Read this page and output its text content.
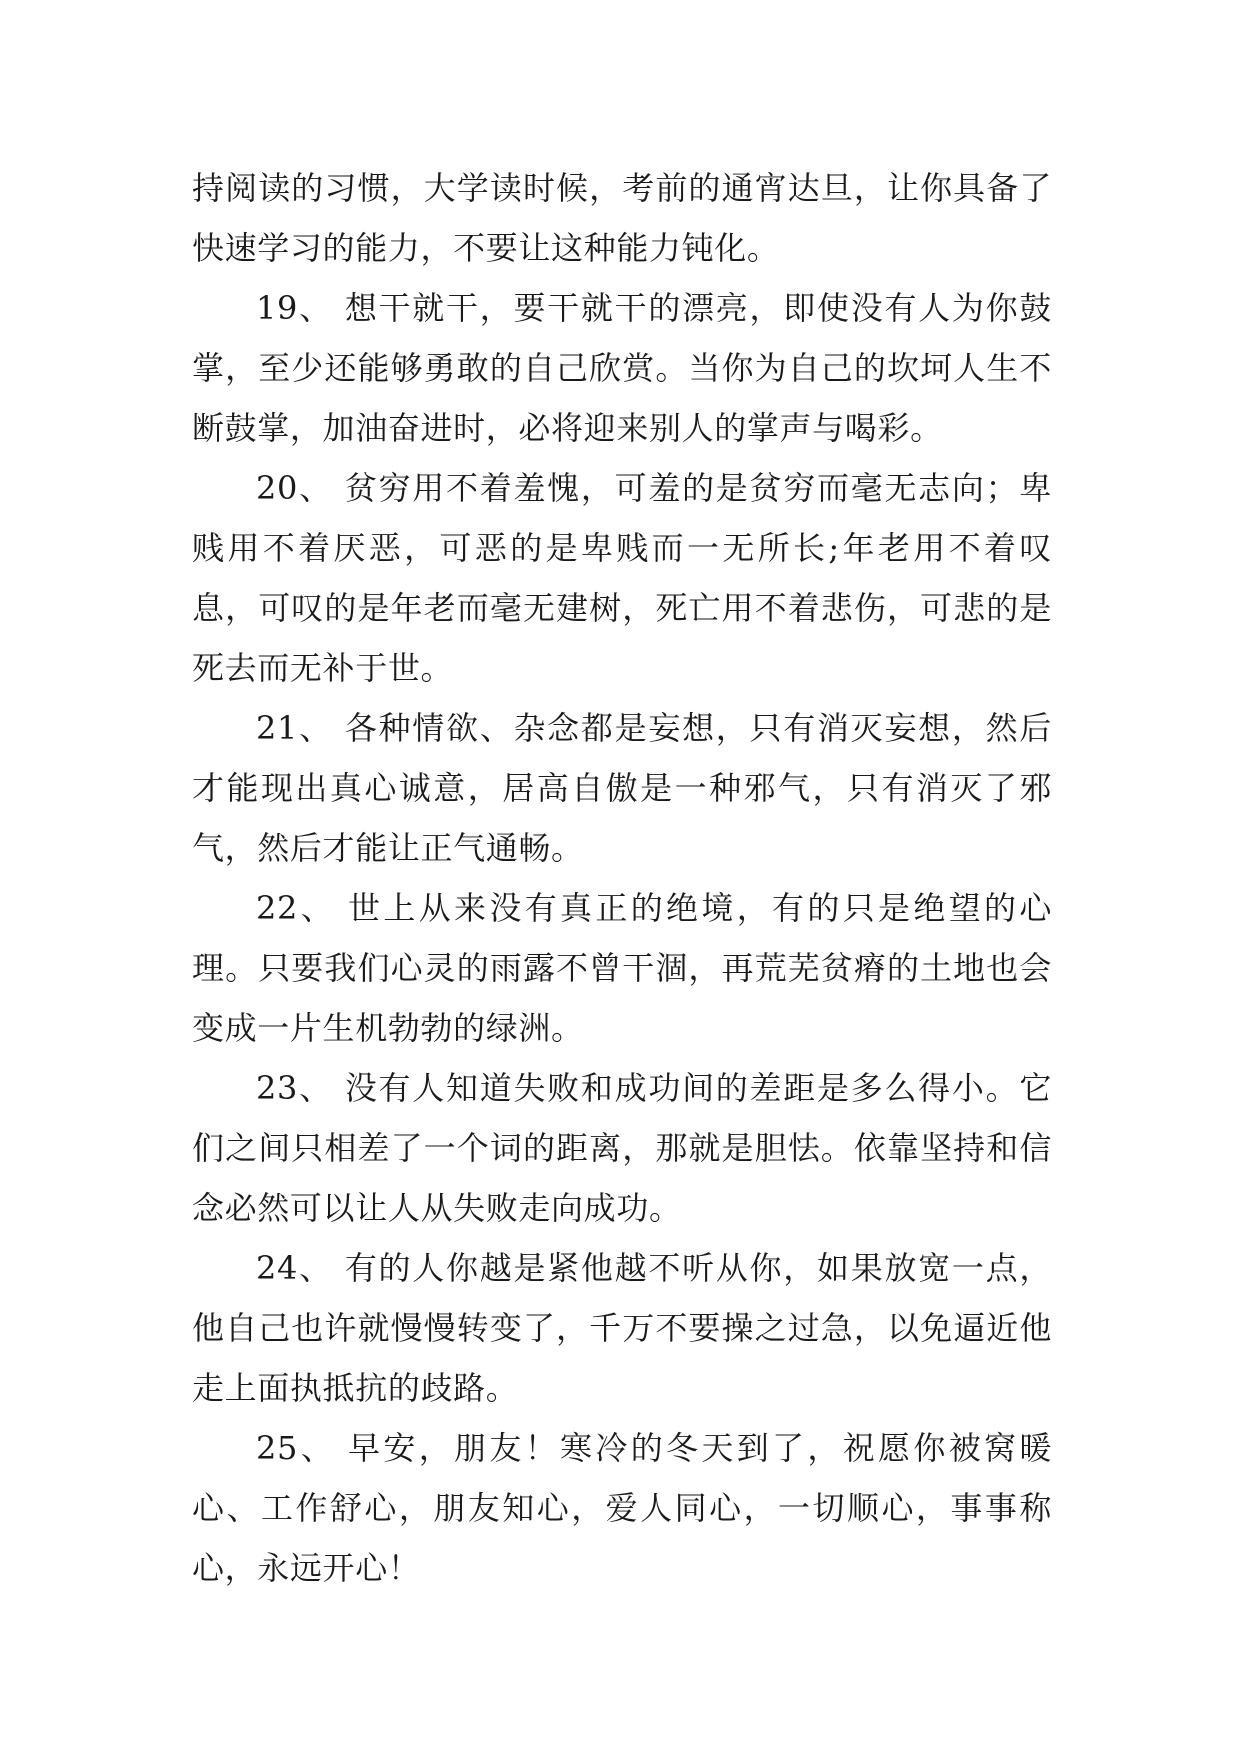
持阅读的习惯，大学读时候，考前的通宵达旦，让你具备了快速学习的能力，不要让这种能力钝化。

19、 想干就干，要干就干的漂亮，即使没有人为你鼓掌，至少还能够勇敢的自己欣赏。当你为自己的坎坷人生不断鼓掌，加油奋进时，必将迎来别人的掌声与喝彩。

20、 贫穷用不着羞愧，可羞的是贫穷而毫无志向；卑贱用不着厌恶，可恶的是卑贱而一无所长;年老用不着叹息，可叹的是年老而毫无建树，死亡用不着悲伤，可悲的是死去而无补于世。

21、 各种情欲、杂念都是妄想，只有消灭妄想，然后才能现出真心诚意，居高自傲是一种邪气，只有消灭了邪气，然后才能让正气通畅。

22、 世上从来没有真正的绝境，有的只是绝望的心理。只要我们心灵的雨露不曾干涸，再荒芜贫瘠的土地也会变成一片生机勃勃的绿洲。

23、 没有人知道失败和成功间的差距是多么得小。它们之间只相差了一个词的距离，那就是胆怯。依靠坚持和信念必然可以让人从失败走向成功。

24、 有的人你越是紧他越不听从你，如果放宽一点，他自己也许就慢慢转变了，千万不要操之过急，以免逼近他走上面执抵抗的歧路。

25、 早安，朋友！寒冷的冬天到了，祝愿你被窝暖心、工作舒心，朋友知心，爱人同心，一切顺心，事事称心，永远开心！
